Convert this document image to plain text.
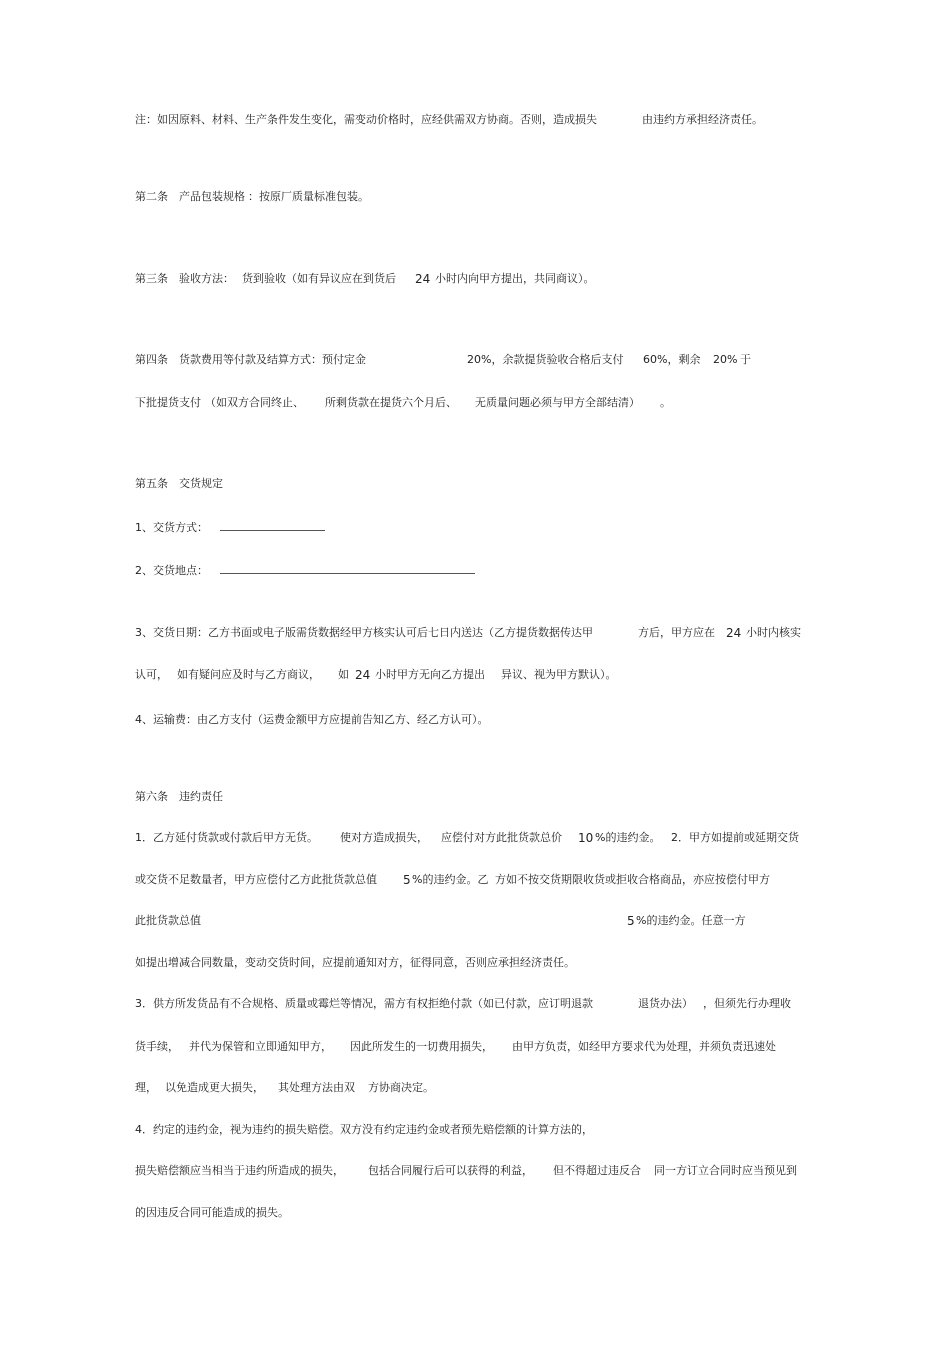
注：如因原料、材料、生产条件发生变化，需变动价格时，应经供需双方协商。否则，造成损失

	由违约方承担经济责任。

第二条　产品包装规格

：按原厂质量标准包装。

第三条　验收方法：

货到验收（如有异议应在到货后

24

小时内向甲方提出，共同商议）。

第四条　货款费用等付款及结算方式：预付定金

	20%，余款提货验收合格后支付

60%，剩余

20%

于

下批提货支付

（如双方合同终止、

所剩货款在提货六个月后、

无质量问题必须与甲方全部结清）

。

第五条　交货规定

1、交货方式：

2、交货地点：

3、交货日期：乙方书面或电子版需货数据经甲方核实认可后七日内送达（乙方提货数据传达甲

	方后，甲方应在

24

小时内核实

认可，

如有疑问应及时与乙方商议，

如

24

小时甲方无向乙方提出

异议、视为甲方默认）。

4、运输费：由乙方支付（运费金额甲方应提前告知乙方、经乙方认可）。

第六条　违约责任

1．乙方延付货款或付款后甲方无货。

使对方造成损失，

应偿付对方此批货款总价

10

%的违约金。

2．甲方如提前或延期交货

或交货不足数量者，甲方应偿付乙方此批货款总值

5

%的违约金。乙

方如不按交货期限收货或拒收合格商品，亦应按偿付甲方

此批货款总值

	5

%的违约金。任意一方

如提出增减合同数量，变动交货时间，应提前通知对方，征得同意，否则应承担经济责任。

3．供方所发货品有不合规格、质量或霉烂等情况，需方有权拒绝付款（如已付款，应订明退款

	退货办法）

，但须先行办理收

货手续，

并代为保管和立即通知甲方，

因此所发生的一切费用损失，

由甲方负责，如经甲方要求代为处理，并须负责迅速处

理，

以免造成更大损失，

其处理方法由双

方协商决定。

4．约定的违约金，视为违约的损失赔偿。双方没有约定违约金或者预先赔偿额的计算方法的，

损失赔偿额应当相当于违约所造成的损失，

包括合同履行后可以获得的利益，

但不得超过违反合

同一方订立合同时应当预见到

的因违反合同可能造成的损失。
